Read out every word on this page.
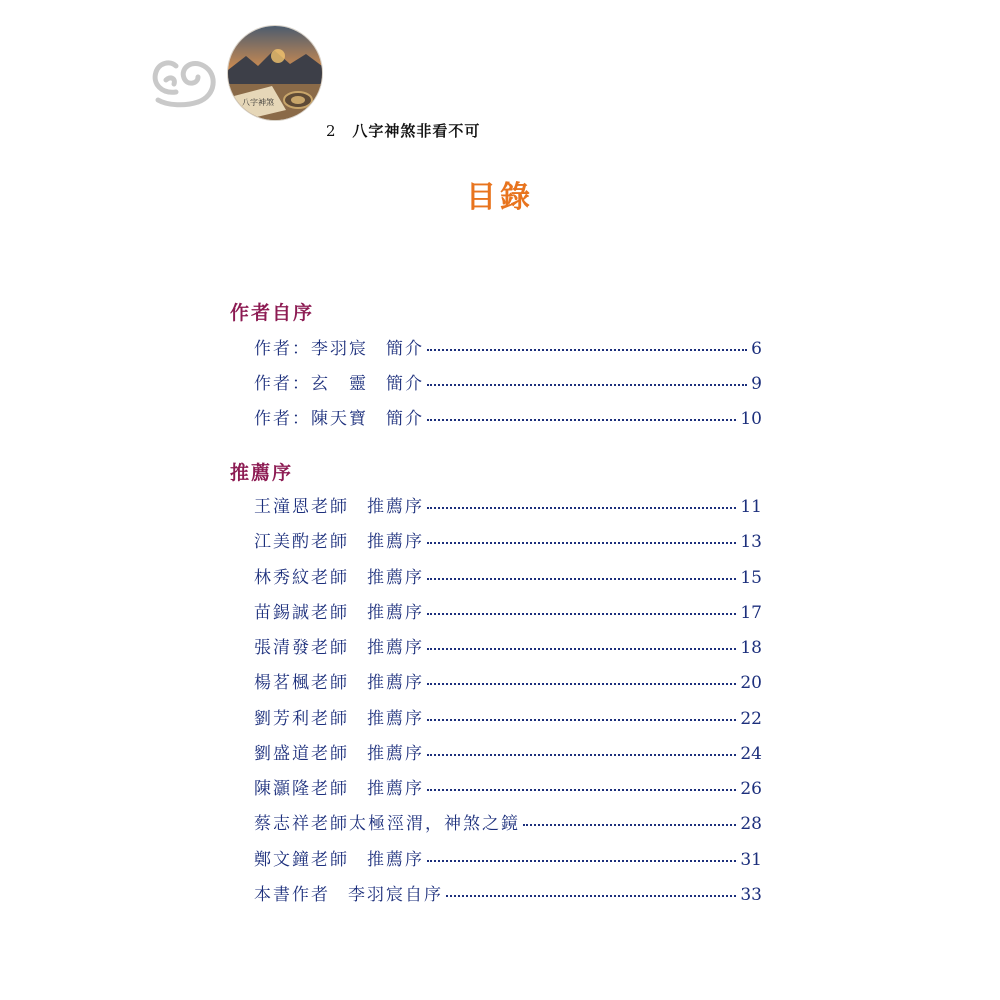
八字神煞
2 八字神煞非看不可
目錄
作者自序
作者：李羽宸 簡介	6
作者：玄　靈 簡介	9
作者：陳天寶 簡介	10
推薦序
王潼恩老師 推薦序	11
江美酌老師 推薦序	13
林秀紋老師 推薦序	15
苗錫誠老師 推薦序	17
張清發老師 推薦序	18
楊茗楓老師 推薦序	20
劉芳利老師 推薦序	22
劉盛道老師 推薦序	24
陳灝隆老師 推薦序	26
蔡志祥老師太極涇渭，神煞之鏡	28
鄭文鐘老師 推薦序	31
本書作者 李羽宸自序	33
